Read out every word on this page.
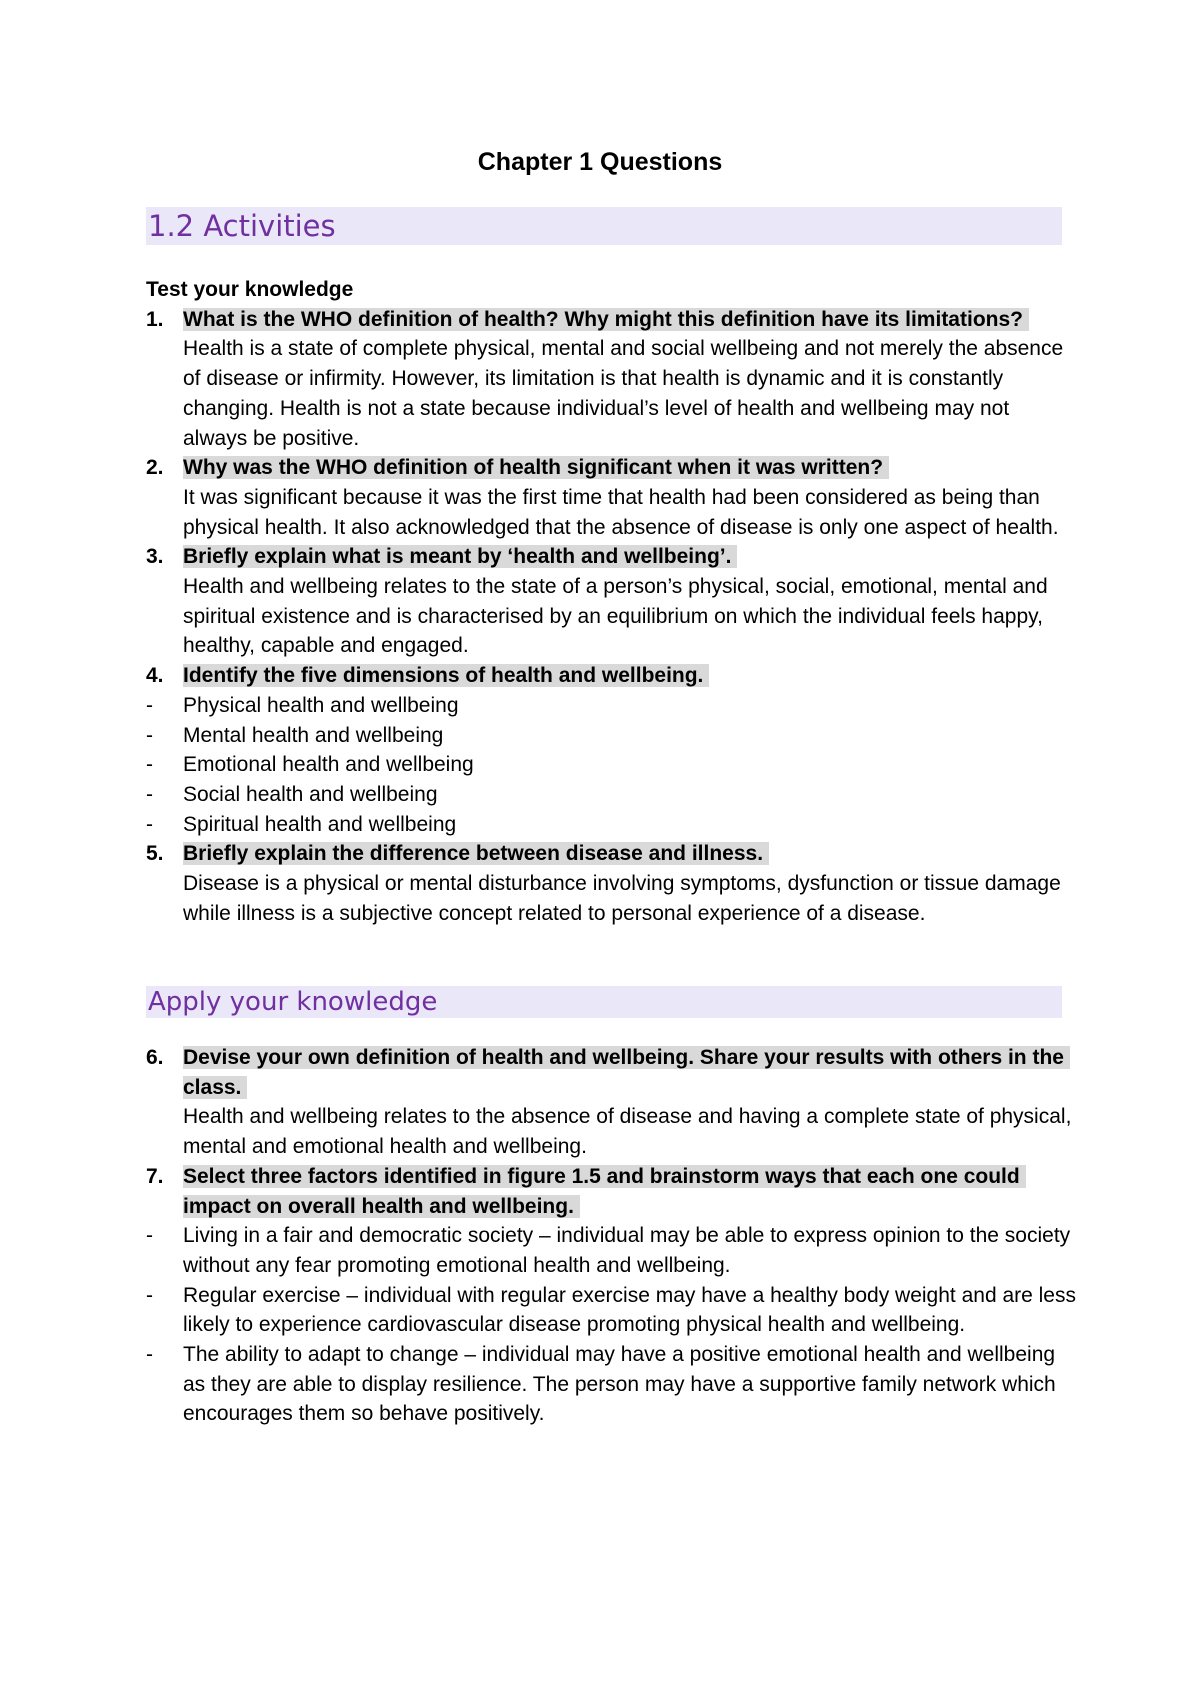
Chapter 1 Questions
1.2 Activities
Test your knowledge
1. What is the WHO definition of health? Why might this definition have its limitations?
Health is a state of complete physical, mental and social wellbeing and not merely the absence of disease or infirmity. However, its limitation is that health is dynamic and it is constantly changing. Health is not a state because individual’s level of health and wellbeing may not always be positive.
2. Why was the WHO definition of health significant when it was written?
It was significant because it was the first time that health had been considered as being than physical health. It also acknowledged that the absence of disease is only one aspect of health.
3. Briefly explain what is meant by ‘health and wellbeing’.
Health and wellbeing relates to the state of a person’s physical, social, emotional, mental and spiritual existence and is characterised by an equilibrium on which the individual feels happy, healthy, capable and engaged.
4. Identify the five dimensions of health and wellbeing.
- Physical health and wellbeing
- Mental health and wellbeing
- Emotional health and wellbeing
- Social health and wellbeing
- Spiritual health and wellbeing
5. Briefly explain the difference between disease and illness.
Disease is a physical or mental disturbance involving symptoms, dysfunction or tissue damage while illness is a subjective concept related to personal experience of a disease.
Apply your knowledge
6. Devise your own definition of health and wellbeing. Share your results with others in the class.
Health and wellbeing relates to the absence of disease and having a complete state of physical, mental and emotional health and wellbeing.
7. Select three factors identified in figure 1.5 and brainstorm ways that each one could impact on overall health and wellbeing.
- Living in a fair and democratic society – individual may be able to express opinion to the society without any fear promoting emotional health and wellbeing.
- Regular exercise – individual with regular exercise may have a healthy body weight and are less likely to experience cardiovascular disease promoting physical health and wellbeing.
- The ability to adapt to change – individual may have a positive emotional health and wellbeing as they are able to display resilience. The person may have a supportive family network which encourages them so behave positively.
